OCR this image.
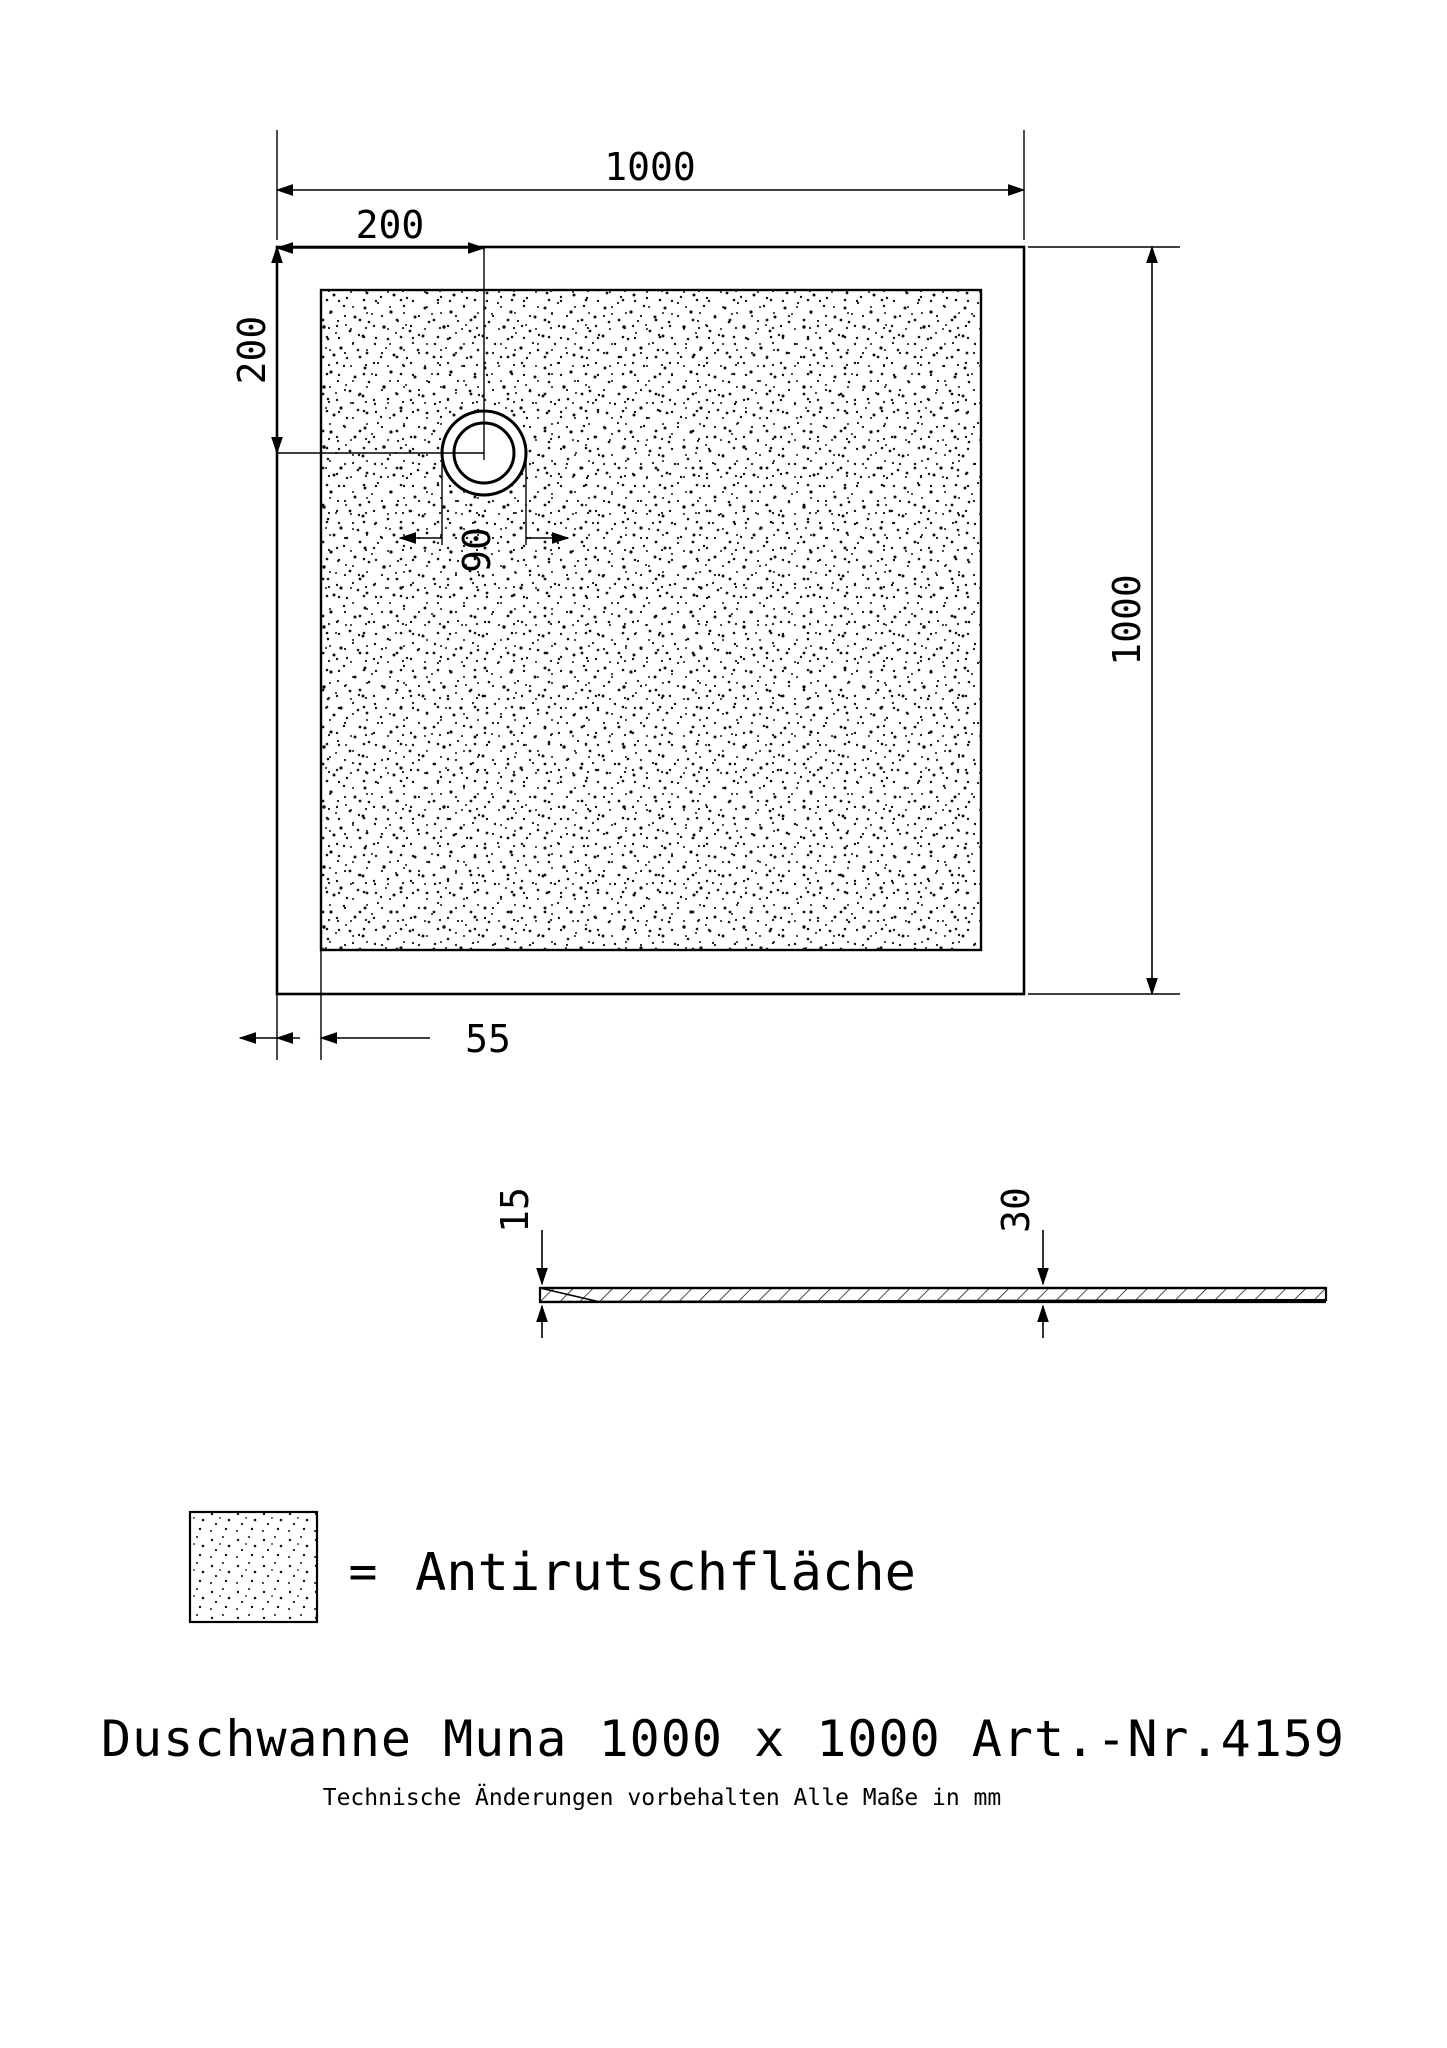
1000
200
200
90
1000
55
15	30
= Antirutschfläche
Duschwanne Muna 1000 x 1000 Art.-Nr.4159
Technische Änderungen vorbehalten Alle Maße in mm
